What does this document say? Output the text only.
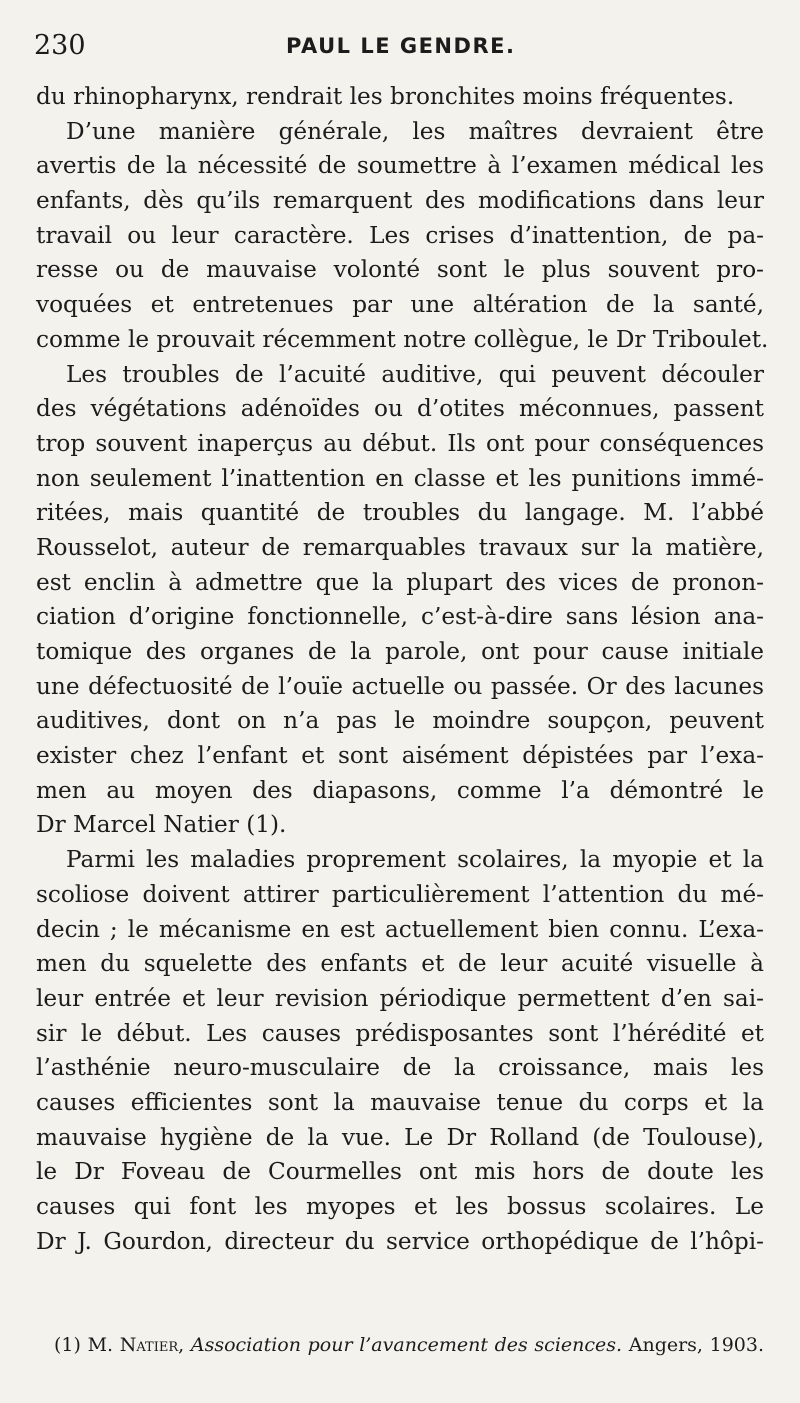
230	PAUL LE GENDRE.
du rhinopharynx, rendrait les bronchites moins fréquentes.
D’une manière générale, les maîtres devraient être
avertis de la nécessité de soumettre à l’examen médical les
enfants, dès qu’ils remarquent des modifications dans leur
travail ou leur caractère. Les crises d’inattention, de pa-
resse ou de mauvaise volonté sont le plus souvent pro-
voquées et entretenues par une altération de la santé,
comme le prouvait récemment notre collègue, le Dr Triboulet.
Les troubles de l’acuité auditive, qui peuvent découler
des végétations adénoïdes ou d’otites méconnues, passent
trop souvent inaperçus au début. Ils ont pour conséquences
non seulement l’inattention en classe et les punitions immé-
ritées, mais quantité de troubles du langage. M. l’abbé
Rousselot, auteur de remarquables travaux sur la matière,
est enclin à admettre que la plupart des vices de pronon-
ciation d’origine fonctionnelle, c’est-à-dire sans lésion ana-
tomique des organes de la parole, ont pour cause initiale
une défectuosité de l’ouïe actuelle ou passée. Or des lacunes
auditives, dont on n’a pas le moindre soupçon, peuvent
exister chez l’enfant et sont aisément dépistées par l’exa-
men au moyen des diapasons, comme l’a démontré le
Dr Marcel Natier (1).
Parmi les maladies proprement scolaires, la myopie et la
scoliose doivent attirer particulièrement l’attention du mé-
decin ; le mécanisme en est actuellement bien connu. L’exa-
men du squelette des enfants et de leur acuité visuelle à
leur entrée et leur revision périodique permettent d’en sai-
sir le début. Les causes prédisposantes sont l’hérédité et
l’asthénie neuro-musculaire de la croissance, mais les
causes efficientes sont la mauvaise tenue du corps et la
mauvaise hygiène de la vue. Le Dr Rolland (de Toulouse),
le Dr Foveau de Courmelles ont mis hors de doute les
causes qui font les myopes et les bossus scolaires. Le
Dr J. Gourdon, directeur du service orthopédique de l’hôpi-
(1) M. Natier, Association pour l’avancement des sciences. Angers, 1903.
